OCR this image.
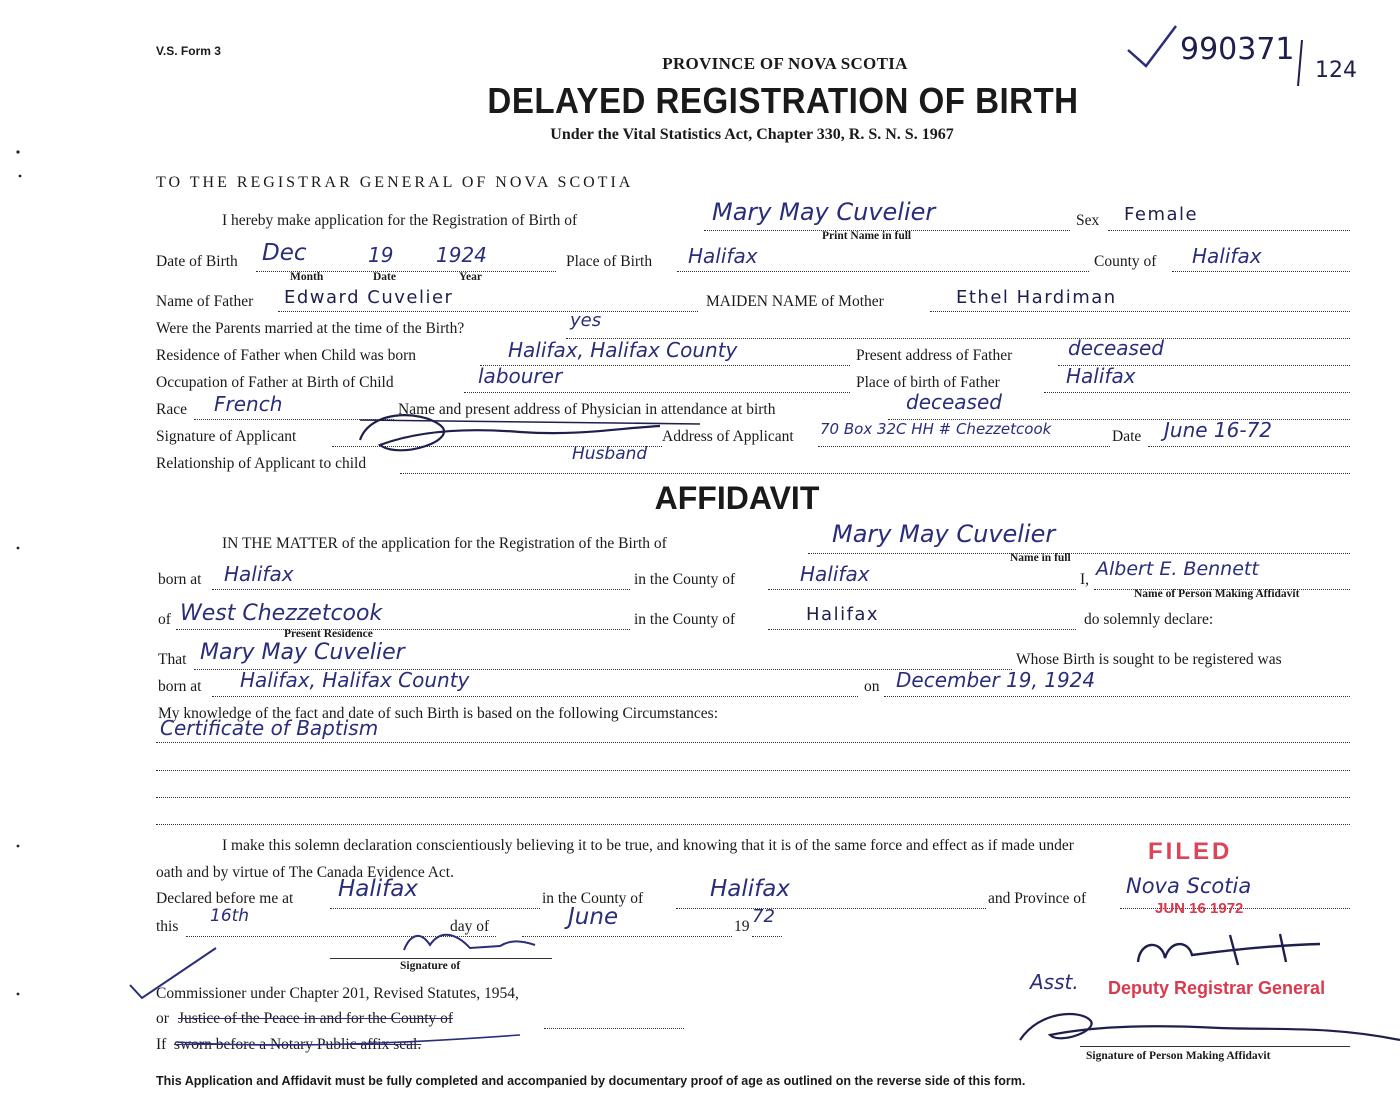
V.S. Form 3
PROVINCE OF NOVA SCOTIA
DELAYED REGISTRATION OF BIRTH
Under the Vital Statistics Act, Chapter 330, R. S. N. S. 1967
990371
124
TO THE REGISTRAR GENERAL OF NOVA SCOTIA
I hereby make application for the Registration of Birth of	Mary May Cuvelier
Print Name in full
Sex Female
Date of Birth Dec	19 1924
Month	Date	Year
Place of Birth Halifax	County of Halifax
Name of Father Edward Cuvelier	MAIDEN NAME of Mother	Ethel Hardiman
Were the Parents married at the time of the Birth?	yes
Residence of Father when Child was born	Halifax, Halifax County	Present address of Father	deceased
Occupation of Father at Birth of Child	labourer	Place of birth of Father	Halifax
Race French	Name and present address of Physician in attendance at birth	deceased
Signature of Applicant	Address of Applicant 70 Box 32C HH # Chezzetcook	Date June 16-72
Relationship of Applicant to child	Husband
AFFIDAVIT
IN THE MATTER of the application for the Registration of the Birth of	Mary May Cuvelier
Name in full
born at Halifax	in the County of	Halifax	I, Albert E. Bennett
Name of Person Making Affidavit
of West Chezzetcook
Present Residence
in the County of	Halifax	do solemnly declare:
That Mary May Cuvelier	Whose Birth is sought to be registered was
born at Halifax, Halifax County	on December 19, 1924
My knowledge of the fact and date of such Birth is based on the following Circumstances:
Certificate of Baptism
I make this solemn declaration conscientiously believing it to be true, and knowing that it is of the same force and effect as if made under
oath and by virtue of The Canada Evidence Act.
Declared before me at Halifax	in the County of	Halifax	and Province of
Nova Scotia
this
16th
day of	June	19 72
Signature of
Commissioner under Chapter 201, Revised Statutes, 1954,
or Justice of the Peace in and for the County of
If sworn before a Notary Public affix seal.
Signature of Person Making Affidavit
FILED
JUN 16 1972
Deputy Registrar General
Asst.
This Application and Affidavit must be fully completed and accompanied by documentary proof of age as outlined on the reverse side of this form.
